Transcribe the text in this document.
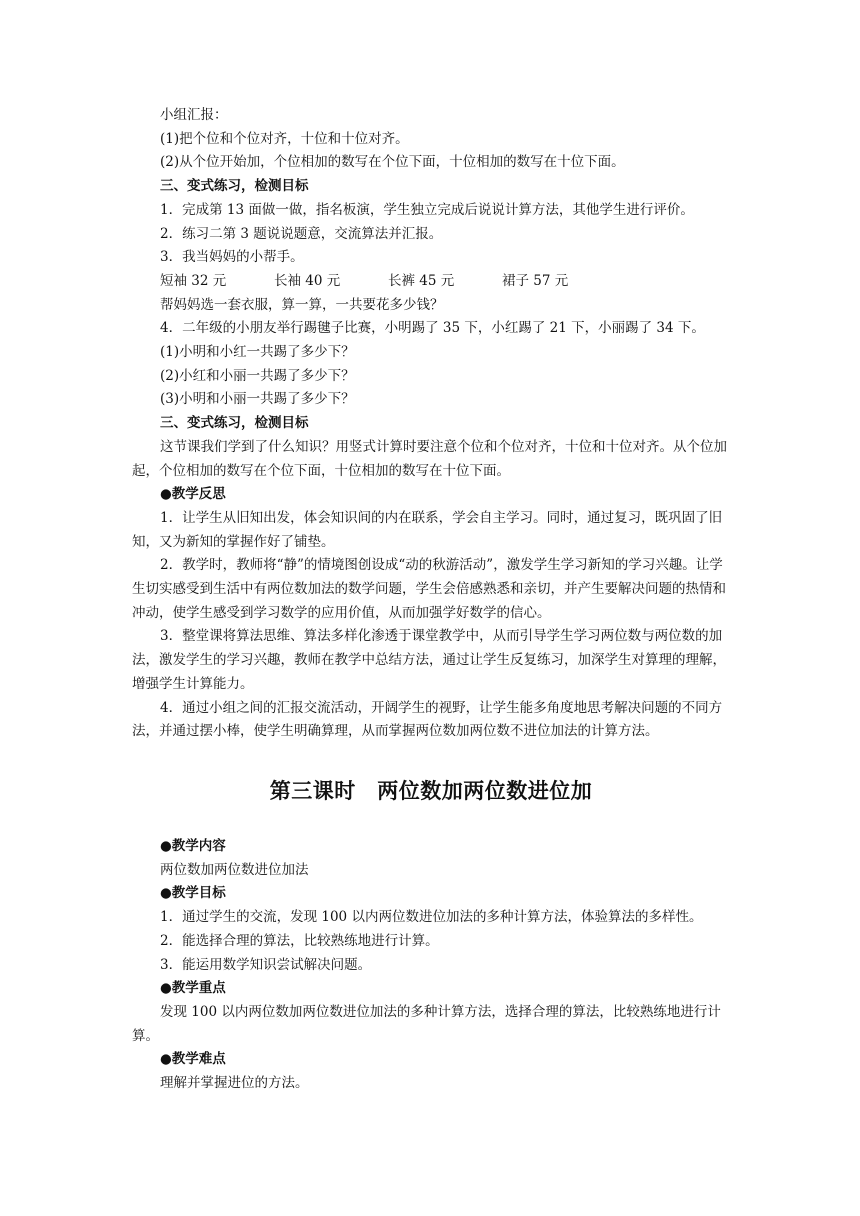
小组汇报：

(1)把个位和个位对齐，十位和十位对齐。

(2)从个位开始加，个位相加的数写在个位下面，十位相加的数写在十位下面。

三、变式练习，检测目标

1．完成第 13 面做一做，指名板演，学生独立完成后说说计算方法，其他学生进行评价。

2．练习二第 3 题说说题意，交流算法并汇报。

3．我当妈妈的小帮手。

短袖 32 元	长袖 40 元	长裤 45 元	裙子 57 元

帮妈妈选一套衣服，算一算，一共要花多少钱？

4．二年级的小朋友举行踢毽子比赛，小明踢了 35 下，小红踢了 21 下，小丽踢了 34 下。

(1)小明和小红一共踢了多少下？

(2)小红和小丽一共踢了多少下？

(3)小明和小丽一共踢了多少下？

三、变式练习，检测目标

这节课我们学到了什么知识？用竖式计算时要注意个位和个位对齐，十位和十位对齐。从个位加起，个位相加的数写在个位下面，十位相加的数写在十位下面。

●教学反思

1．让学生从旧知出发，体会知识间的内在联系，学会自主学习。同时，通过复习，既巩固了旧知，又为新知的掌握作好了铺垫。

2．教学时，教师将“静”的情境图创设成“动的秋游活动”，激发学生学习新知的学习兴趣。让学生切实感受到生活中有两位数加法的数学问题，学生会倍感熟悉和亲切，并产生要解决问题的热情和冲动，使学生感受到学习数学的应用价值，从而加强学好数学的信心。

3．整堂课将算法思维、算法多样化渗透于课堂教学中，从而引导学生学习两位数与两位数的加法，激发学生的学习兴趣，教师在教学中总结方法，通过让学生反复练习，加深学生对算理的理解，增强学生计算能力。

4．通过小组之间的汇报交流活动，开阔学生的视野，让学生能多角度地思考解决问题的不同方法，并通过摆小棒，使学生明确算理，从而掌握两位数加两位数不进位加法的计算方法。

第三课时　两位数加两位数进位加

●教学内容

两位数加两位数进位加法

●教学目标

1．通过学生的交流，发现 100 以内两位数进位加法的多种计算方法，体验算法的多样性。

2．能选择合理的算法，比较熟练地进行计算。

3．能运用数学知识尝试解决问题。

●教学重点

发现 100 以内两位数加两位数进位加法的多种计算方法，选择合理的算法，比较熟练地进行计算。

●教学难点

理解并掌握进位的方法。
